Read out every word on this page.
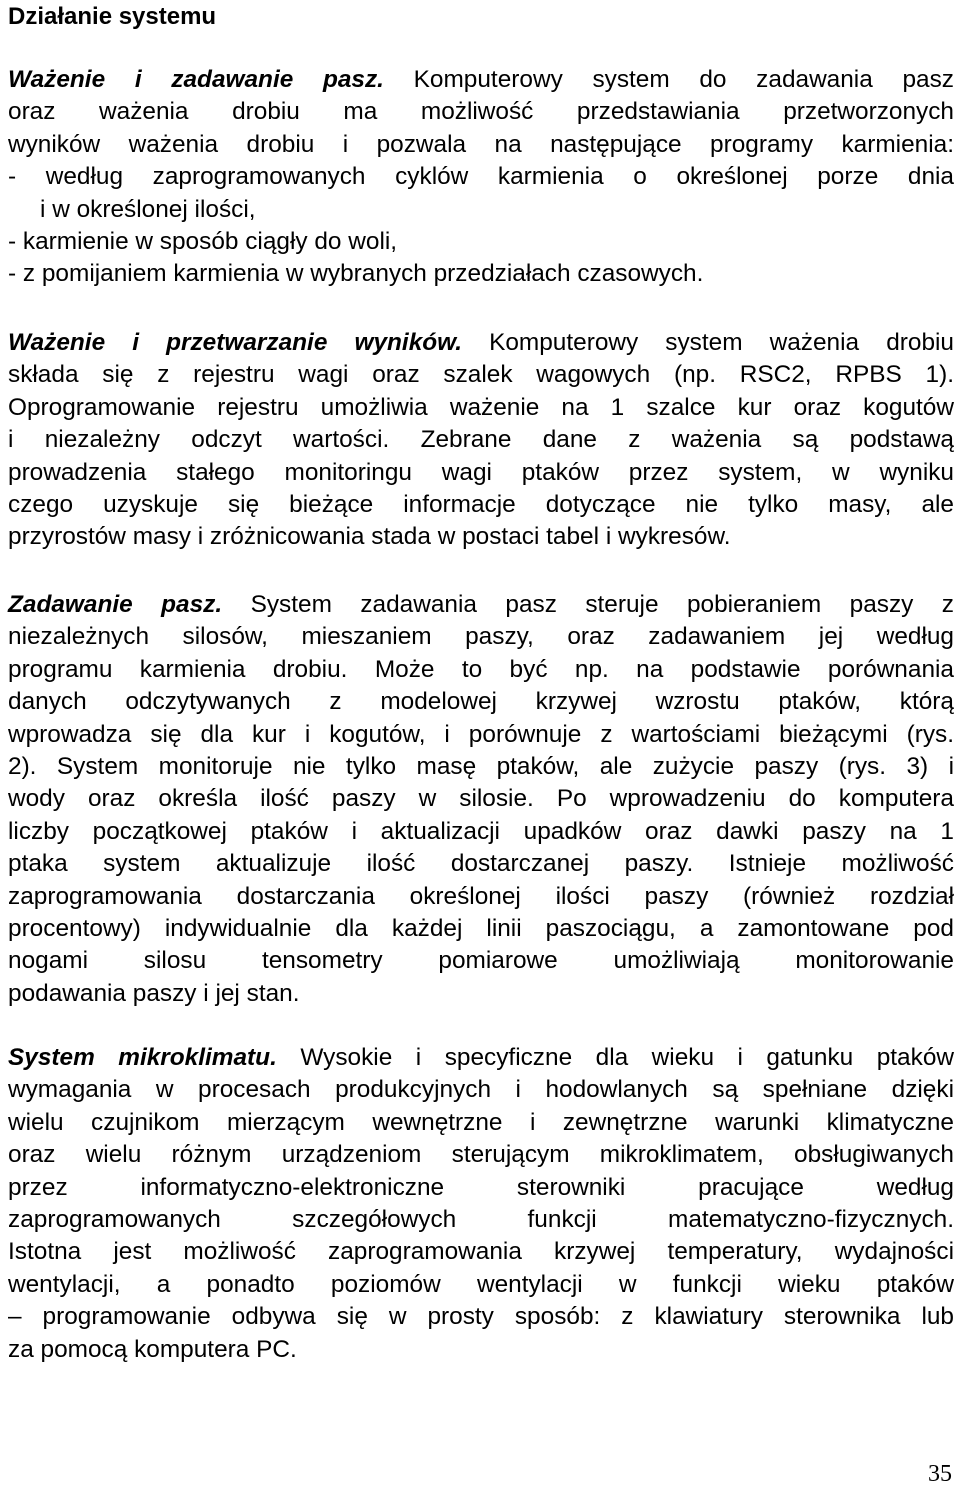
Działanie systemu
Ważenie i zadawanie pasz. Komputerowy system do zadawania pasz
oraz ważenia drobiu ma możliwość przedstawiania przetworzonych
wyników ważenia drobiu i pozwala na następujące programy karmienia:
- według zaprogramowanych cyklów karmienia o określonej porze dnia
i w określonej ilości,
- karmienie w sposób ciągły do woli,
- z pomijaniem karmienia w wybranych przedziałach czasowych.
Ważenie i przetwarzanie wyników. Komputerowy system ważenia drobiu
składa się z rejestru wagi oraz szalek wagowych (np. RSC2, RPBS 1).
Oprogramowanie rejestru umożliwia ważenie na 1 szalce kur oraz kogutów
i niezależny odczyt wartości. Zebrane dane z ważenia są podstawą
prowadzenia stałego monitoringu wagi ptaków przez system, w wyniku
czego uzyskuje się bieżące informacje dotyczące nie tylko masy, ale
przyrostów masy i zróżnicowania stada w postaci tabel i wykresów.
Zadawanie pasz. System zadawania pasz steruje pobieraniem paszy z
niezależnych silosów, mieszaniem paszy, oraz zadawaniem jej według
programu karmienia drobiu. Może to być np. na podstawie porównania
danych odczytywanych z modelowej krzywej wzrostu ptaków, którą
wprowadza się dla kur i kogutów, i porównuje z wartościami bieżącymi (rys.
2). System monitoruje nie tylko masę ptaków, ale zużycie paszy (rys. 3) i
wody oraz określa ilość paszy w silosie. Po wprowadzeniu do komputera
liczby początkowej ptaków i aktualizacji upadków oraz dawki paszy na 1
ptaka system aktualizuje ilość dostarczanej paszy. Istnieje możliwość
zaprogramowania dostarczania określonej ilości paszy (również rozdział
procentowy) indywidualnie dla każdej linii paszociągu, a zamontowane pod
nogami silosu tensometry pomiarowe umożliwiają monitorowanie
podawania paszy i jej stan.
System mikroklimatu. Wysokie i specyficzne dla wieku i gatunku ptaków
wymagania w procesach produkcyjnych i hodowlanych są spełniane dzięki
wielu czujnikom mierzącym wewnętrzne i zewnętrzne warunki klimatyczne
oraz wielu różnym urządzeniom sterującym mikroklimatem, obsługiwanych
przez informatyczno-elektroniczne sterowniki pracujące według
zaprogramowanych szczegółowych funkcji matematyczno-fizycznych.
Istotna jest możliwość zaprogramowania krzywej temperatury, wydajności
wentylacji, a ponadto poziomów wentylacji w funkcji wieku ptaków
– programowanie odbywa się w prosty sposób: z klawiatury sterownika lub
za pomocą komputera PC.
35
